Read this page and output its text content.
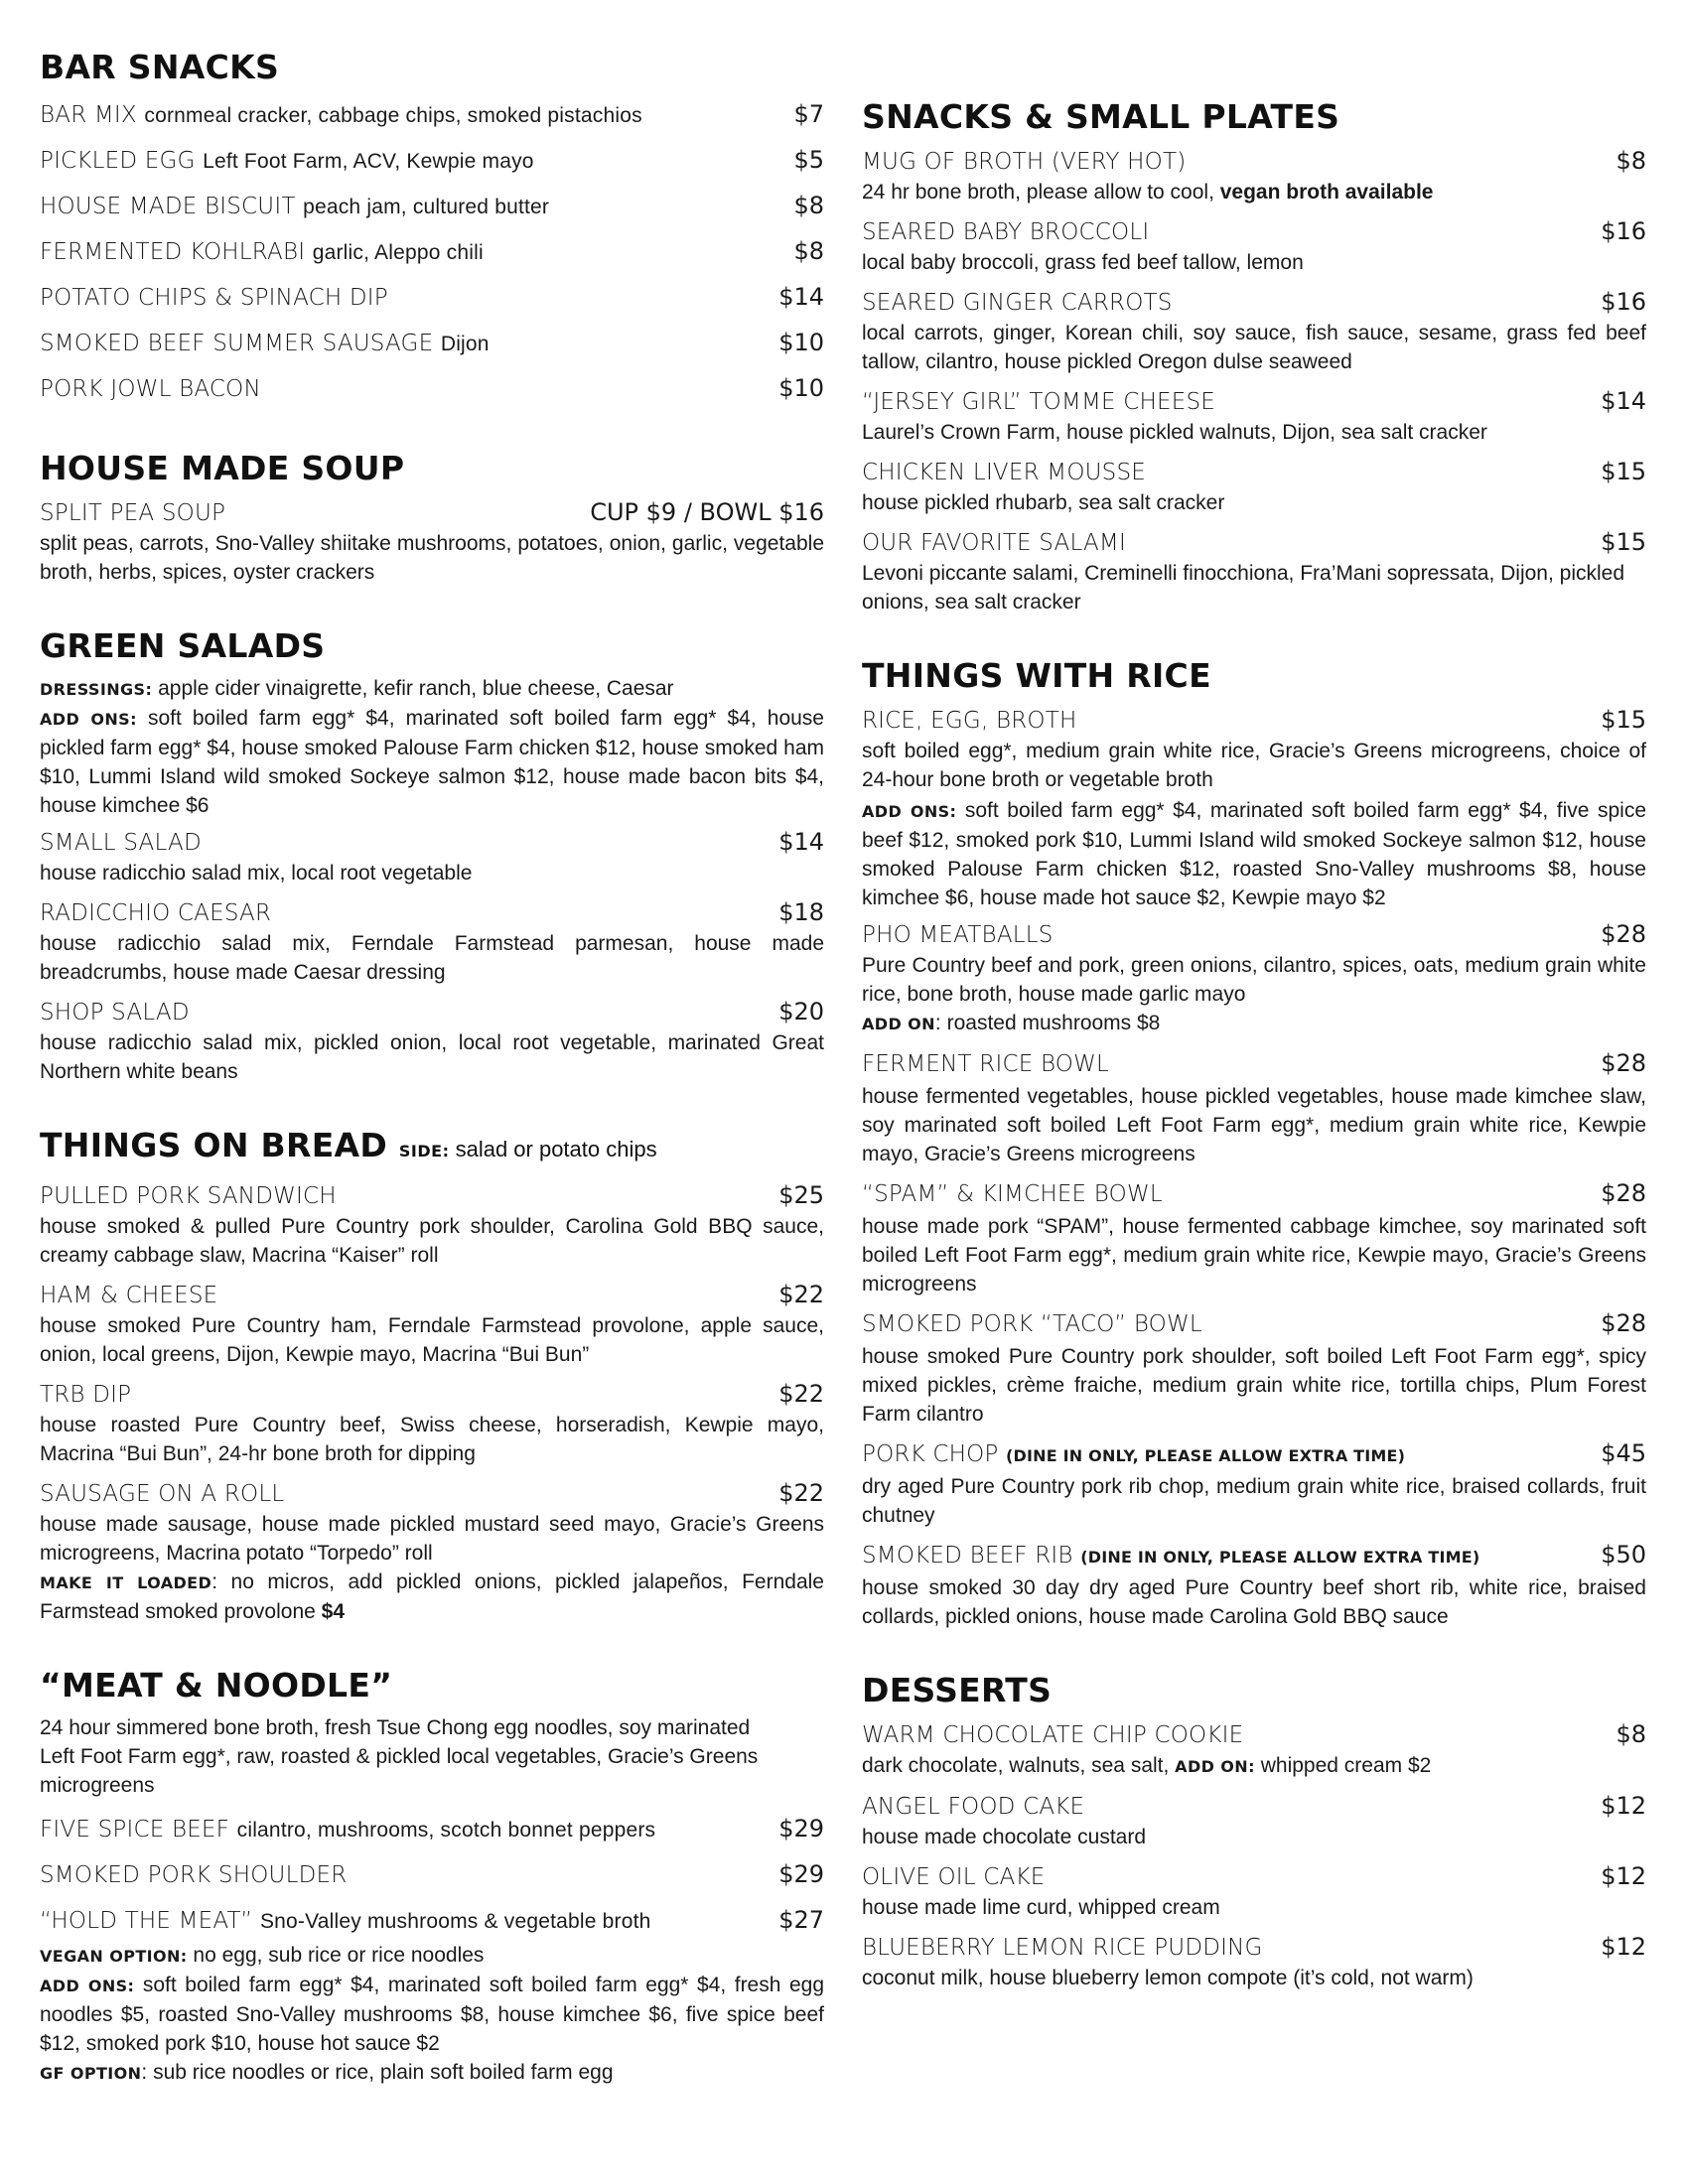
BAR SNACKS
BAR MIX cornmeal cracker, cabbage chips, smoked pistachios	$7
PICKLED EGG Left Foot Farm, ACV, Kewpie mayo	$5
HOUSE MADE BISCUIT peach jam, cultured butter	$8
FERMENTED KOHLRABI garlic, Aleppo chili	$8
POTATO CHIPS & SPINACH DIP	$14
SMOKED BEEF SUMMER SAUSAGE Dijon	$10
PORK JOWL BACON	$10
HOUSE MADE SOUP
SPLIT PEA SOUP	CUP $9 / BOWL $16
split peas, carrots, Sno-Valley shiitake mushrooms, potatoes, onion, garlic, vegetable broth, herbs, spices, oyster crackers
GREEN SALADS
DRESSINGS: apple cider vinaigrette, kefir ranch, blue cheese, Caesar
ADD ONS: soft boiled farm egg* $4, marinated soft boiled farm egg* $4, house pickled farm egg* $4, house smoked Palouse Farm chicken $12, house smoked ham $10, Lummi Island wild smoked Sockeye salmon $12, house made bacon bits $4, house kimchee $6
SMALL SALAD	$14
house radicchio salad mix, local root vegetable
RADICCHIO CAESAR	$18
house radicchio salad mix, Ferndale Farmstead parmesan, house made breadcrumbs, house made Caesar dressing
SHOP SALAD	$20
house radicchio salad mix, pickled onion, local root vegetable, marinated Great Northern white beans
THINGS ON BREAD SIDE: salad or potato chips
PULLED PORK SANDWICH	$25
house smoked & pulled Pure Country pork shoulder, Carolina Gold BBQ sauce, creamy cabbage slaw, Macrina “Kaiser” roll
HAM & CHEESE	$22
house smoked Pure Country ham, Ferndale Farmstead provolone, apple sauce, onion, local greens, Dijon, Kewpie mayo, Macrina “Bui Bun”
TRB DIP	$22
house roasted Pure Country beef, Swiss cheese, horseradish, Kewpie mayo, Macrina “Bui Bun”, 24-hr bone broth for dipping
SAUSAGE ON A ROLL	$22
house made sausage, house made pickled mustard seed mayo, Gracie’s Greens microgreens, Macrina potato “Torpedo” roll
MAKE IT LOADED: no micros, add pickled onions, pickled jalapeños, Ferndale Farmstead smoked provolone $4
“MEAT & NOODLE”
24 hour simmered bone broth, fresh Tsue Chong egg noodles, soy marinated Left Foot Farm egg*, raw, roasted & pickled local vegetables, Gracie’s Greens microgreens
FIVE SPICE BEEF cilantro, mushrooms, scotch bonnet peppers	$29
SMOKED PORK SHOULDER	$29
“HOLD THE MEAT” Sno-Valley mushrooms & vegetable broth	$27
VEGAN OPTION: no egg, sub rice or rice noodles
ADD ONS: soft boiled farm egg* $4, marinated soft boiled farm egg* $4, fresh egg noodles $5, roasted Sno-Valley mushrooms $8, house kimchee $6, five spice beef $12, smoked pork $10, house hot sauce $2
GF OPTION: sub rice noodles or rice, plain soft boiled farm egg
SNACKS & SMALL PLATES
MUG OF BROTH (VERY HOT)	$8
24 hr bone broth, please allow to cool, vegan broth available
SEARED BABY BROCCOLI	$16
local baby broccoli, grass fed beef tallow, lemon
SEARED GINGER CARROTS	$16
local carrots, ginger, Korean chili, soy sauce, fish sauce, sesame, grass fed beef tallow, cilantro, house pickled Oregon dulse seaweed
“JERSEY GIRL” TOMME CHEESE	$14
Laurel’s Crown Farm, house pickled walnuts, Dijon, sea salt cracker
CHICKEN LIVER MOUSSE	$15
house pickled rhubarb, sea salt cracker
OUR FAVORITE SALAMI	$15
Levoni piccante salami, Creminelli finocchiona, Fra’Mani sopressata, Dijon, pickled onions, sea salt cracker
THINGS WITH RICE
RICE, EGG, BROTH	$15
soft boiled egg*, medium grain white rice, Gracie’s Greens microgreens, choice of 24-hour bone broth or vegetable broth
ADD ONS: soft boiled farm egg* $4, marinated soft boiled farm egg* $4, five spice beef $12, smoked pork $10, Lummi Island wild smoked Sockeye salmon $12, house smoked Palouse Farm chicken $12, roasted Sno-Valley mushrooms $8, house kimchee $6, house made hot sauce $2, Kewpie mayo $2
PHO MEATBALLS	$28
Pure Country beef and pork, green onions, cilantro, spices, oats, medium grain white rice, bone broth, house made garlic mayo
ADD ON: roasted mushrooms $8
FERMENT RICE BOWL	$28
house fermented vegetables, house pickled vegetables, house made kimchee slaw, soy marinated soft boiled Left Foot Farm egg*, medium grain white rice, Kewpie mayo, Gracie’s Greens microgreens
“SPAM” & KIMCHEE BOWL	$28
house made pork “SPAM”, house fermented cabbage kimchee, soy marinated soft boiled Left Foot Farm egg*, medium grain white rice, Kewpie mayo, Gracie’s Greens microgreens
SMOKED PORK “TACO” BOWL	$28
house smoked Pure Country pork shoulder, soft boiled Left Foot Farm egg*, spicy mixed pickles, crème fraiche, medium grain white rice, tortilla chips, Plum Forest Farm cilantro
PORK CHOP (DINE IN ONLY, PLEASE ALLOW EXTRA TIME)	$45
dry aged Pure Country pork rib chop, medium grain white rice, braised collards, fruit chutney
SMOKED BEEF RIB (DINE IN ONLY, PLEASE ALLOW EXTRA TIME)	$50
house smoked 30 day dry aged Pure Country beef short rib, white rice, braised collards, pickled onions, house made Carolina Gold BBQ sauce
DESSERTS
WARM CHOCOLATE CHIP COOKIE	$8
dark chocolate, walnuts, sea salt, ADD ON: whipped cream $2
ANGEL FOOD CAKE	$12
house made chocolate custard
OLIVE OIL CAKE	$12
house made lime curd, whipped cream
BLUEBERRY LEMON RICE PUDDING	$12
coconut milk, house blueberry lemon compote (it’s cold, not warm)
